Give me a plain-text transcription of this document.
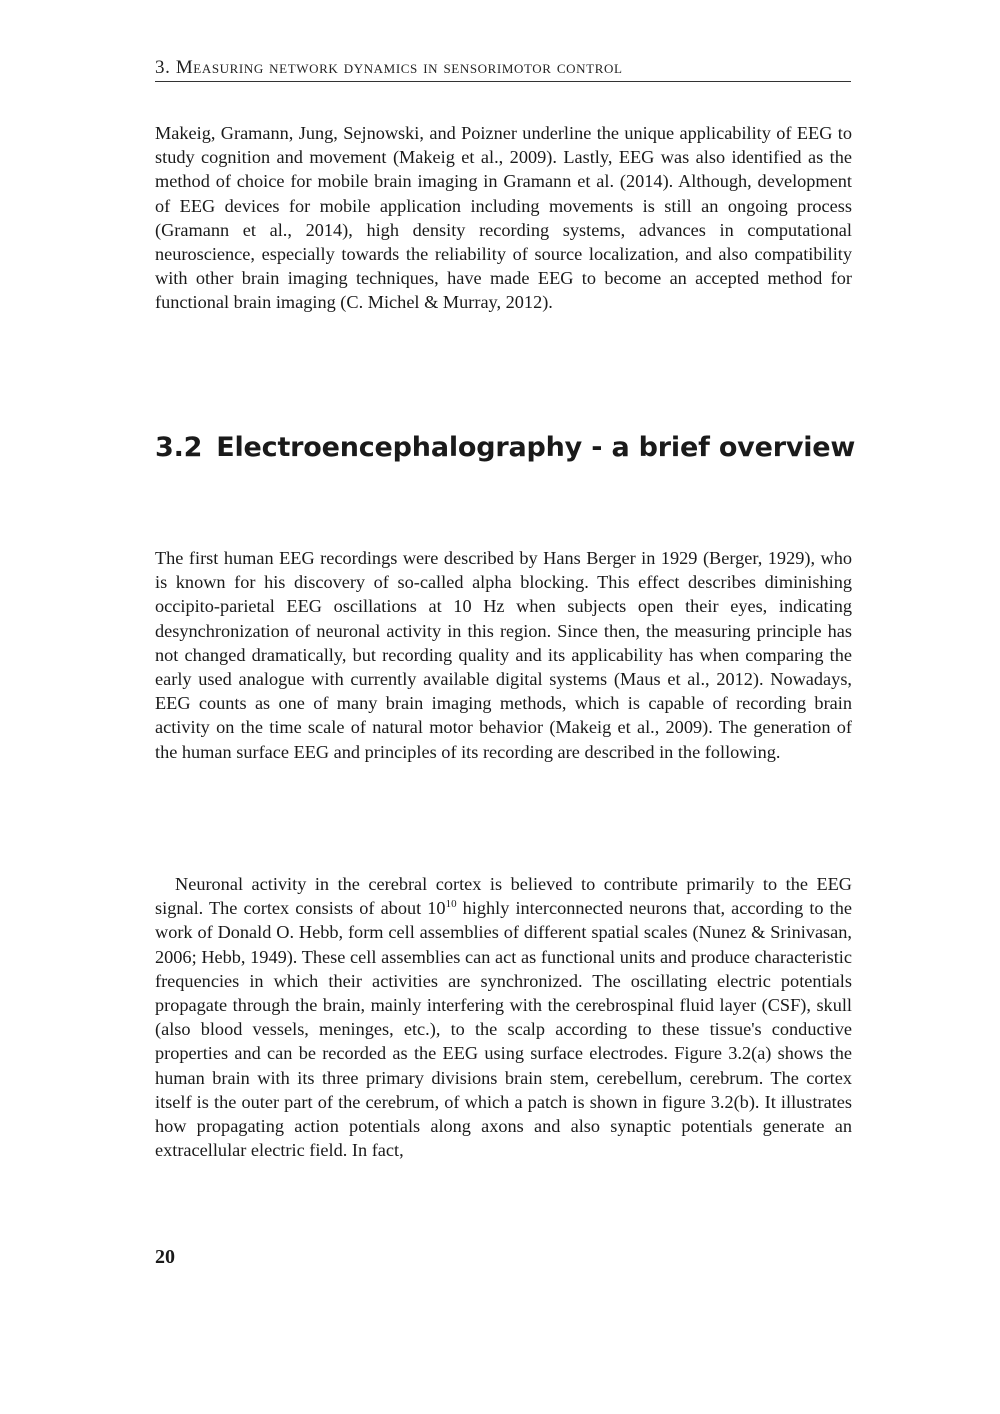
3. Measuring network dynamics in sensorimotor control

Makeig, Gramann, Jung, Sejnowski, and Poizner underline the unique applicability of EEG to study cognition and movement (Makeig et al., 2009). Lastly, EEG was also identified as the method of choice for mobile brain imaging in Gramann et al. (2014). Although, development of EEG devices for mobile application including movements is still an ongoing process (Gramann et al., 2014), high density recording systems, advances in computational neuroscience, especially towards the reliability of source localization, and also compatibility with other brain imaging techniques, have made EEG to become an accepted method for functional brain imaging (C. Michel & Murray, 2012).

3.2 Electroencephalography - a brief overview

The first human EEG recordings were described by Hans Berger in 1929 (Berger, 1929), who is known for his discovery of so-called alpha blocking. This effect describes diminishing occipito-parietal EEG oscillations at 10 Hz when subjects open their eyes, indicating desynchronization of neuronal activity in this region. Since then, the measuring principle has not changed dramatically, but recording quality and its applicability has when comparing the early used analogue with currently available digital systems (Maus et al., 2012). Nowadays, EEG counts as one of many brain imaging methods, which is capable of recording brain activity on the time scale of natural motor behavior (Makeig et al., 2009). The generation of the human surface EEG and principles of its recording are described in the following.

Neuronal activity in the cerebral cortex is believed to contribute primarily to the EEG signal. The cortex consists of about $10^{10}$ highly interconnected neurons that, according to the work of Donald O. Hebb, form cell assemblies of different spatial scales (Nunez & Srinivasan, 2006; Hebb, 1949). These cell assemblies can act as functional units and produce characteristic frequencies in which their activities are synchronized. The oscillating electric potentials propagate through the brain, mainly interfering with the cerebrospinal fluid layer (CSF), skull (also blood vessels, meninges, etc.), to the scalp according to these tissue's conductive properties and can be recorded as the EEG using surface electrodes. Figure 3.2(a) shows the human brain with its three primary divisions brain stem, cerebellum, cerebrum. The cortex itself is the outer part of the cerebrum, of which a patch is shown in figure 3.2(b). It illustrates how propagating action potentials along axons and also synaptic potentials generate an extracellular electric field. In fact,

20
